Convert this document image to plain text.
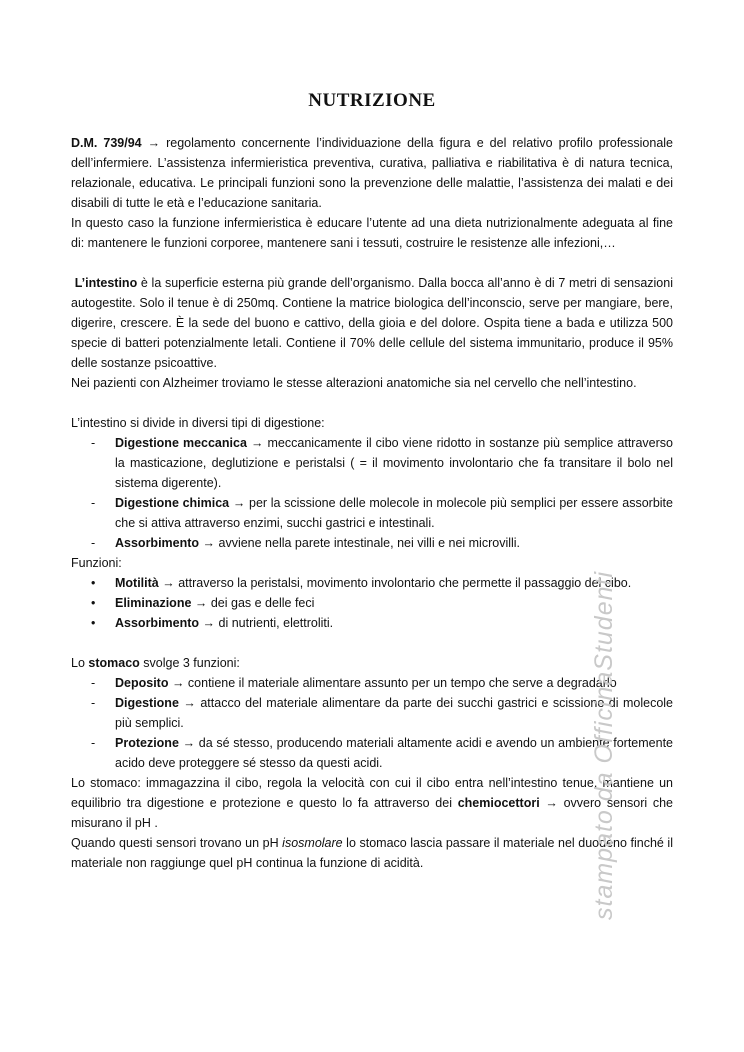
NUTRIZIONE

D.M. 739/94 → regolamento concernente l’individuazione della figura e del relativo profilo professionale dell’infermiere. L’assistenza infermieristica preventiva, curativa, palliativa e riabilitativa è di natura tecnica, relazionale, educativa. Le principali funzioni sono la prevenzione delle malattie, l’assistenza dei malati e dei disabili di tutte le età e l’educazione sanitaria.

In questo caso la funzione infermieristica è educare l’utente ad una dieta nutrizionalmente adeguata al fine di: mantenere le funzioni corporee, mantenere sani i tessuti, costruire le resistenze alle infezioni,…

L’intestino è la superficie esterna più grande dell’organismo. Dalla bocca all’anno è di 7 metri di sensazioni autogestite. Solo il tenue è di 250mq. Contiene la matrice biologica dell’inconscio, serve per mangiare, bere, digerire, crescere. È la sede del buono e cattivo, della gioia e del dolore. Ospita tiene a bada e utilizza 500 specie di batteri potenzialmente letali. Contiene il 70% delle cellule del sistema immunitario, produce il 95% delle sostanze psicoattive.

Nei pazienti con Alzheimer troviamo le stesse alterazioni anatomiche sia nel cervello che nell’intestino.

L’intestino si divide in diversi tipi di digestione:

- Digestione meccanica → meccanicamente il cibo viene ridotto in sostanze più semplice attraverso la masticazione, deglutizione e peristalsi ( = il movimento involontario che fa transitare il bolo nel sistema digerente).
- Digestione chimica → per la scissione delle molecole in molecole più semplici per essere assorbite che si attiva attraverso enzimi, succhi gastrici e intestinali.
- Assorbimento → avviene nella parete intestinale, nei villi e nei microvilli.

Funzioni:

• Motilità → attraverso la peristalsi, movimento involontario che permette il passaggio del cibo.
• Eliminazione → dei gas e delle feci
• Assorbimento → di nutrienti, elettroliti.

Lo stomaco svolge 3 funzioni:

- Deposito → contiene il materiale alimentare assunto per un tempo che serve a degradarlo
- Digestione → attacco del materiale alimentare da parte dei succhi gastrici e scissione di molecole più semplici.
- Protezione → da sé stesso, producendo materiali altamente acidi e avendo un ambiente fortemente acido deve proteggere sé stesso da questi acidi.

Lo stomaco: immagazzina il cibo, regola la velocità con cui il cibo entra nell’intestino tenue, mantiene un equilibrio tra digestione e protezione e questo lo fa attraverso dei chemiocettori → ovvero sensori che misurano il pH .

Quando questi sensori trovano un pH isosmolare lo stomaco lascia passare il materiale nel duodeno finché il materiale non raggiunge quel pH continua la funzione di acidità.	stampato da OfficinaStudenti
